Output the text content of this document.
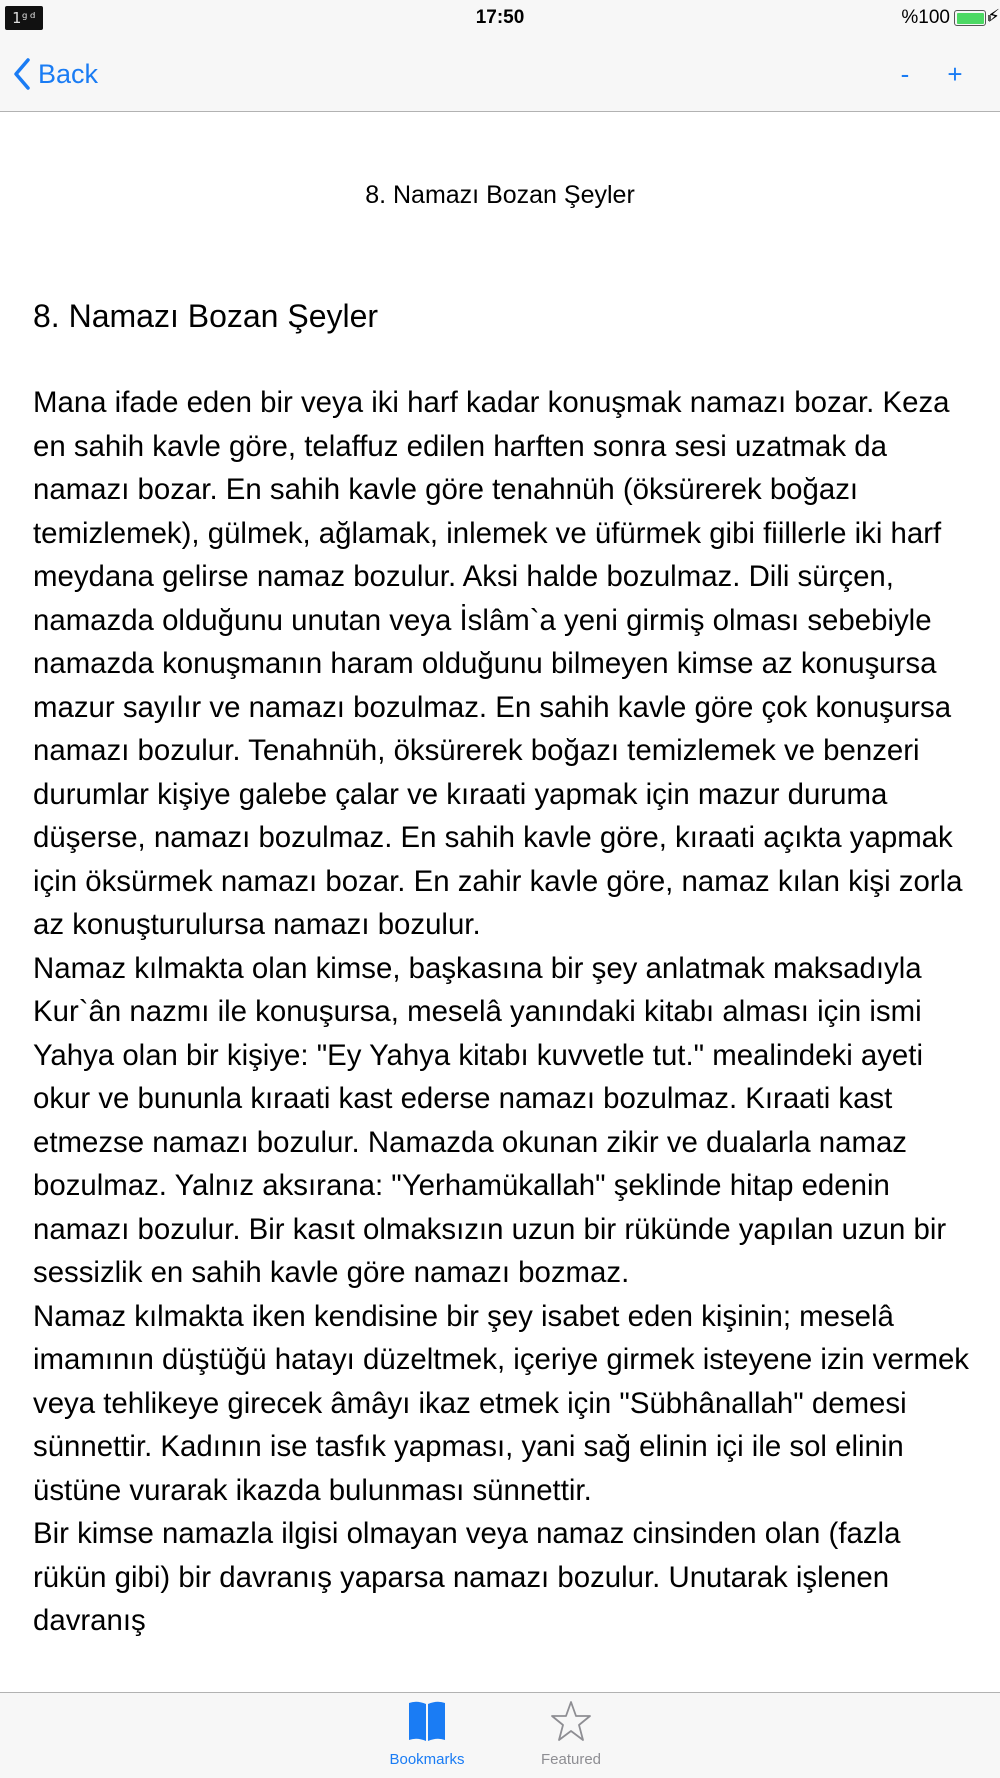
1ᵍᵈ	17:50	%100 ⚡
Back	-	+
8. Namazı Bozan Şeyler
8. Namazı Bozan Şeyler

Mana ifade eden bir veya iki harf kadar konuşmak namazı bozar. Keza en sahih kavle göre, telaffuz edilen harften sonra sesi uzatmak da namazı bozar. En sahih kavle göre tenahnüh (öksürerek boğazı temizlemek), gülmek, ağlamak, inlemek ve üfürmek gibi fiillerle iki harf meydana gelirse namaz bozulur. Aksi halde bozulmaz. Dili sürçen, namazda olduğunu unutan veya İslâm`a yeni girmiş olması sebebiyle namazda konuşmanın haram olduğunu bilmeyen kimse az konuşursa mazur sayılır ve namazı bozulmaz. En sahih kavle göre çok konuşursa namazı bozulur. Tenahnüh, öksürerek boğazı temizlemek ve benzeri durumlar kişiye galebe çalar ve kıraati yapmak için mazur duruma düşerse, namazı bozulmaz. En sahih kavle göre, kıraati açıkta yapmak için öksürmek namazı bozar. En zahir kavle göre, namaz kılan kişi zorla az konuşturulursa namazı bozulur.

Namaz kılmakta olan kimse, başkasına bir şey anlatmak maksadıyla Kur`ân nazmı ile konuşursa, meselâ yanındaki kitabı alması için ismi Yahya olan bir kişiye: "Ey Yahya kitabı kuvvetle tut." mealindeki ayeti okur ve bununla kıraati kast ederse namazı bozulmaz. Kıraati kast etmezse namazı bozulur. Namazda okunan zikir ve dualarla namaz bozulmaz. Yalnız aksırana: "Yerhamükallah" şeklinde hitap edenin namazı bozulur. Bir kasıt olmaksızın uzun bir rükünde yapılan uzun bir sessizlik en sahih kavle göre namazı bozmaz.

Namaz kılmakta iken kendisine bir şey isabet eden kişinin; meselâ imamının düştüğü hatayı düzeltmek, içeriye girmek isteyene izin vermek veya tehlikeye girecek âmâyı ikaz etmek için "Sübhânallah" demesi sünnettir. Kadının ise tasfık yapması, yani sağ elinin içi ile sol elinin üstüne vurarak ikazda bulunması sünnettir.

Bir kimse namazla ilgisi olmayan veya namaz cinsinden olan (fazla rükün gibi) bir davranış yaparsa namazı bozulur. Unutarak işlenen davranış

Bookmarks	Featured
